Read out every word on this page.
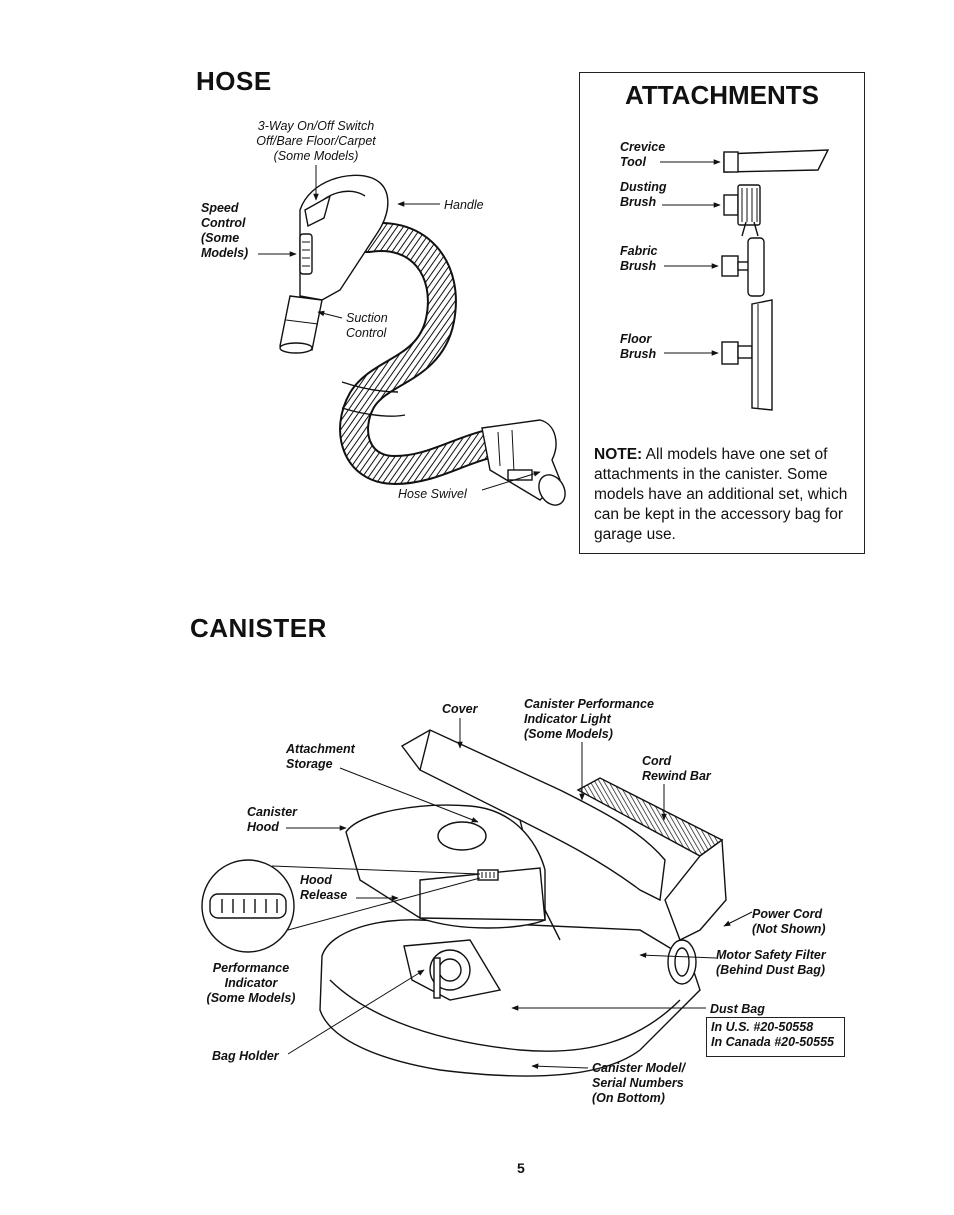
HOSE
3-Way On/Off Switch
Off/Bare Floor/Carpet
(Some Models)
Speed
Control
(Some
Models)
Handle
Suction
Control
Hose Swivel
ATTACHMENTS
Crevice
Tool
Dusting
Brush
Fabric
Brush
Floor
Brush
NOTE: All models have one set of attachments in the canister. Some models have an additional set, which can be kept in the accessory bag for garage use.
CANISTER
Cover	Canister Performance
Indicator Light
(Some Models)
Attachment
Storage	Cord
Rewind Bar
Canister
Hood
Hood
Release
Power Cord
(Not Shown)
Motor Safety Filter
(Behind Dust Bag)
Performance
Indicator
(Some Models)
Dust Bag
In U.S. #20-50558
In Canada #20-50555
Bag Holder
Canister Model/
Serial Numbers
(On Bottom)
5
